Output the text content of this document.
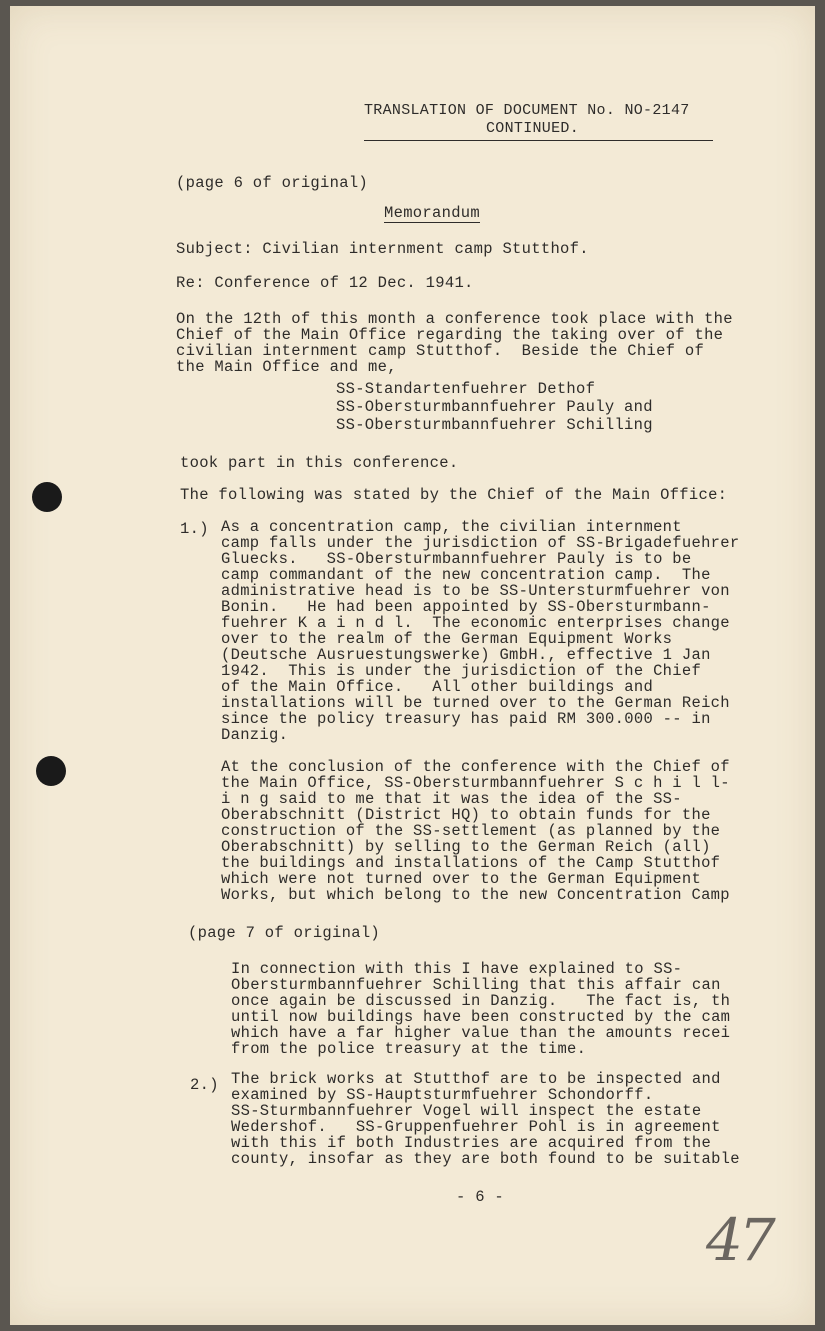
TRANSLATION OF DOCUMENT No. NO-2147
CONTINUED.
(page 6 of original)
Memorandum
Subject: Civilian internment camp Stutthof.
Re: Conference of 12 Dec. 1941.
On the 12th of this month a conference took place with the
Chief of the Main Office regarding the taking over of the
civilian internment camp Stutthof.  Beside the Chief of
the Main Office and me,
SS-Standartenfuehrer Dethof
SS-Obersturmbannfuehrer Pauly and
SS-Obersturmbannfuehrer Schilling
took part in this conference.
The following was stated by the Chief of the Main Office:
1.) As a concentration camp, the civilian internment
camp falls under the jurisdiction of SS-Brigadefuehrer
Gluecks.   SS-Obersturmbannfuehrer Pauly is to be
camp commandant of the new concentration camp.  The
administrative head is to be SS-Untersturmfuehrer von
Bonin.   He had been appointed by SS-Obersturmbann-
fuehrer K a i n d l.  The economic enterprises change
over to the realm of the German Equipment Works
(Deutsche Ausruestungswerke) GmbH., effective 1 Jan
1942.  This is under the jurisdiction of the Chief
of the Main Office.   All other buildings and
installations will be turned over to the German Reich
since the policy treasury has paid RM 300.000 -- in
Danzig.
At the conclusion of the conference with the Chief of
the Main Office, SS-Obersturmbannfuehrer S c h i l l-
i n g said to me that it was the idea of the SS-
Oberabschnitt (District HQ) to obtain funds for the
construction of the SS-settlement (as planned by the
Oberabschnitt) by selling to the German Reich (all)
the buildings and installations of the Camp Stutthof
which were not turned over to the German Equipment
Works, but which belong to the new Concentration Camp
(page 7 of original)
In connection with this I have explained to SS-
Obersturmbannfuehrer Schilling that this affair can
once again be discussed in Danzig.   The fact is, th
until now buildings have been constructed by the cam
which have a far higher value than the amounts recei
from the police treasury at the time.
2.) The brick works at Stutthof are to be inspected and
examined by SS-Hauptsturmfuehrer Schondorff.
SS-Sturmbannfuehrer Vogel will inspect the estate
Wedershof.   SS-Gruppenfuehrer Pohl is in agreement
with this if both Industries are acquired from the
county, insofar as they are both found to be suitable
- 6 -
47
